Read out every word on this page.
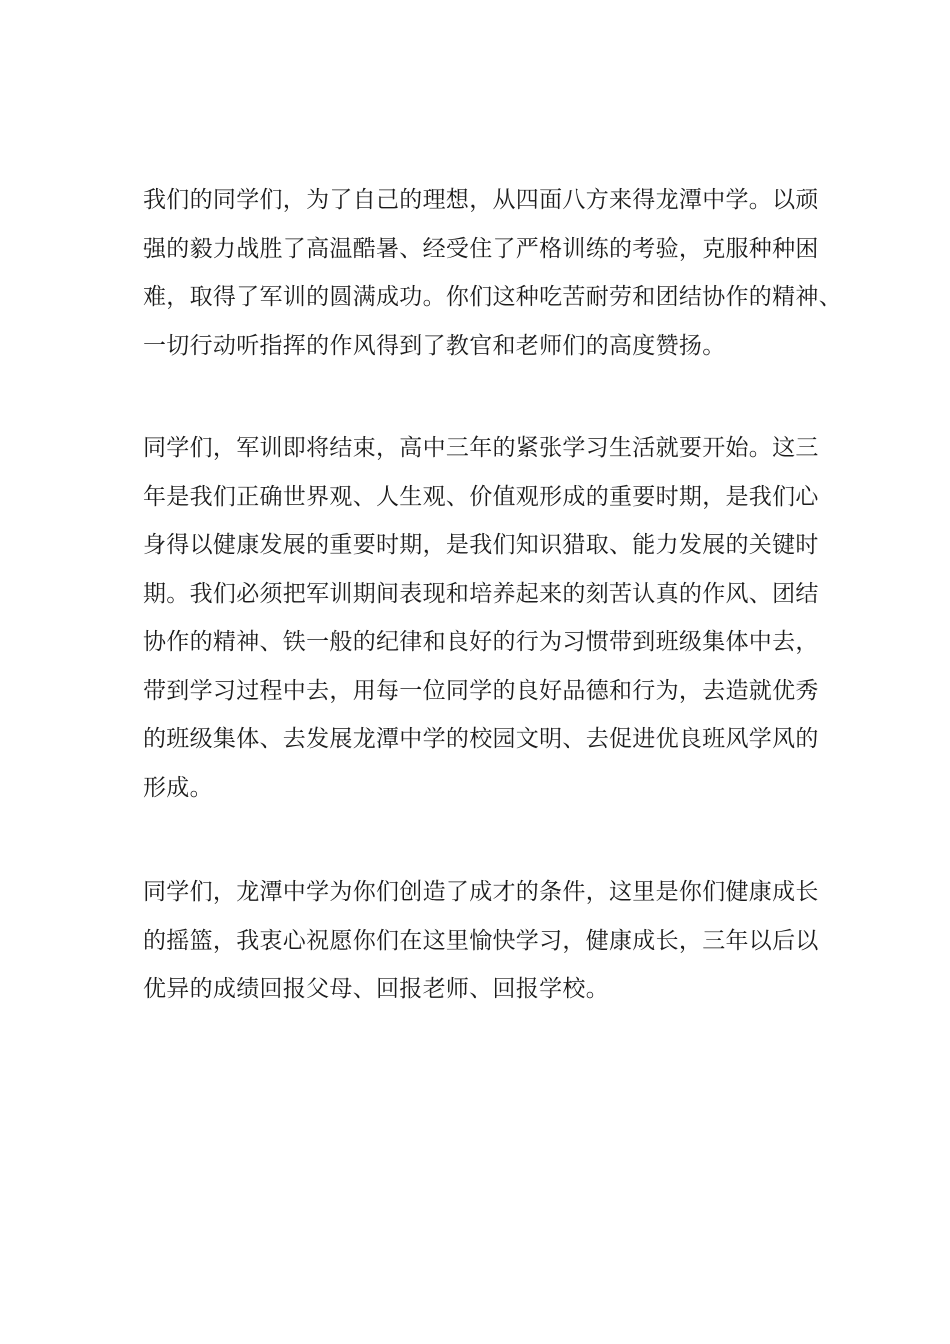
我们的同学们，为了自己的理想，从四面八方来得龙潭中学。以顽
强的毅力战胜了高温酷暑、经受住了严格训练的考验，克服种种困
难，取得了军训的圆满成功。你们这种吃苦耐劳和团结协作的精神、
一切行动听指挥的作风得到了教官和老师们的高度赞扬。
同学们，军训即将结束，高中三年的紧张学习生活就要开始。这三
年是我们正确世界观、人生观、价值观形成的重要时期，是我们心
身得以健康发展的重要时期，是我们知识猎取、能力发展的关键时
期。我们必须把军训期间表现和培养起来的刻苦认真的作风、团结
协作的精神、铁一般的纪律和良好的行为习惯带到班级集体中去，
带到学习过程中去，用每一位同学的良好品德和行为，去造就优秀
的班级集体、去发展龙潭中学的校园文明、去促进优良班风学风的
形成。
同学们，龙潭中学为你们创造了成才的条件，这里是你们健康成长
的摇篮，我衷心祝愿你们在这里愉快学习，健康成长，三年以后以
优异的成绩回报父母、回报老师、回报学校。
